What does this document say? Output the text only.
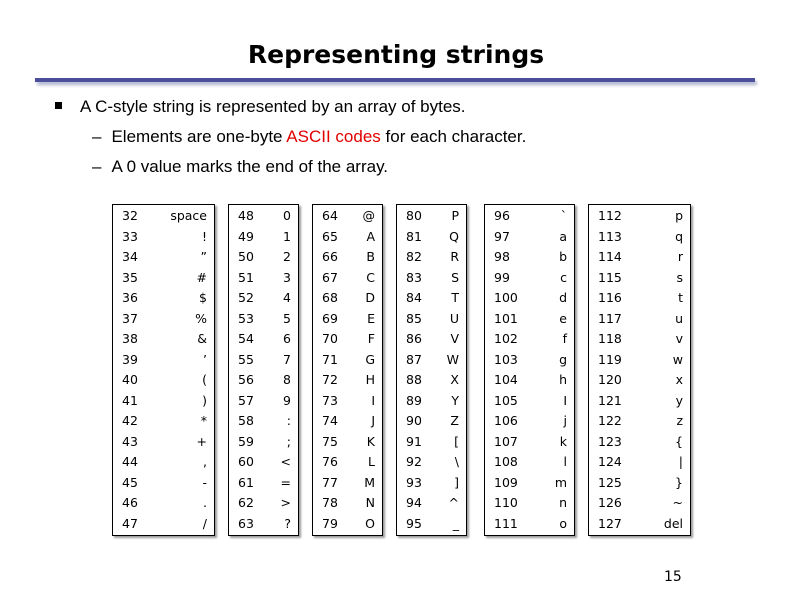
Representing strings
A C-style string is represented by an array of bytes.
– Elements are one-byte ASCII codes for each character.
– A 0 value marks the end of the array.
32	space
33	!
34	”
35	#
36	$
37	%
38	&
39	’
40	(
41	)
42	*
43	+
44	,
45	-
46	.
47	/
48 0
49 1
50 2
51 3
52 4
53 5
54 6
55 7
56 8
57 9
58	:
59	;
60 <
61 =
62 >
63 ?
64 @
65 A
66 B
67 C
68 D
69 E
70 F
71 G
72 H
73	I
74	J
75 K
76 L
77 M
78 N
79 O
80 P
81 Q
82 R
83 S
84 T
85 U
86 V
87 W
88 X
89 Y
90 Z
91	[
92	\
93	]
94 ^
95 _
96	`
97	a
98	b
99	c
100	d
101	e
102	f
103	g
104	h
105	I
106	j
107	k
108	l
109	m
110	n
111	o
112	p
113	q
114	r
115	s
116	t
117	u
118	v
119	w
120	x
121	y
122	z
123	{
124	|
125	}
126	~
127	del
15
